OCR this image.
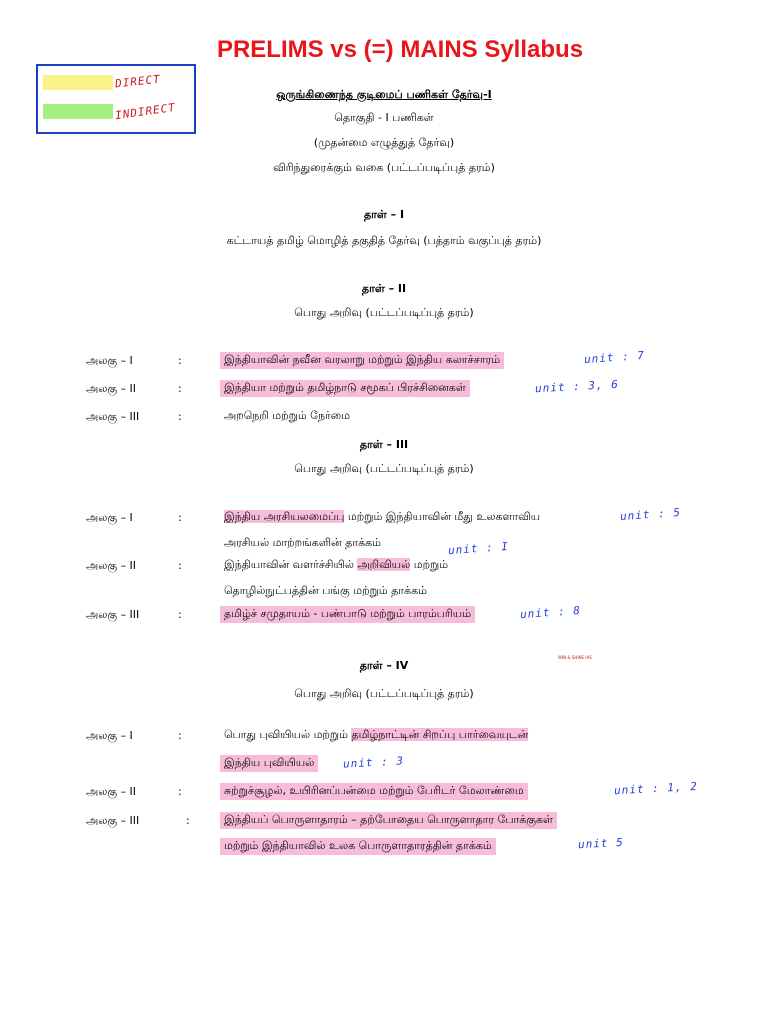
PRELIMS vs (=) MAINS Syllabus
DIRECT
INDIRECT
ஒருங்கிணைந்த குடிமைப் பணிகள் தேர்வு-I
தொகுதி - I பணிகள்
(முதன்மை எழுத்துத் தேர்வு)
விரிந்துரைக்கும் வகை (பட்டப்படிப்புத் தரம்)
தாள் – I
கட்டாயத் தமிழ் மொழித் தகுதித் தேர்வு (பத்தாம் வகுப்புத் தரம்)
தாள் – II
பொது அறிவு (பட்டப்படிப்புத் தரம்)
அலகு – I	:	இந்தியாவின் நவீன வரலாறு மற்றும் இந்திய கலாச்சாரம்	unit : 7
அலகு – II	:	இந்தியா மற்றும் தமிழ்நாடு சமூகப் பிரச்சினைகள்	unit : 3, 6
அலகு – III	:	அறநெறி மற்றும் நேர்மை
தாள் – III
பொது அறிவு (பட்டப்படிப்புத் தரம்)
அலகு – I	:	இந்திய அரசியலமைப்பு மற்றும் இந்தியாவின் மீது உலகளாவிய	unit : 5
அரசியல் மாற்றங்களின் தாக்கம்	unit : I
அலகு – II	:	இந்தியாவின் வளர்ச்சியில் அறிவியல் மற்றும்
தொழில்நுட்பத்தின் பங்கு மற்றும் தாக்கம்
அலகு – III	:	தமிழ்ச் சமுதாயம் - பண்பாடு மற்றும் பாரம்பரியம்	unit : 8
WIN & SHINE IAS
தாள் – IV
பொது அறிவு (பட்டப்படிப்புத் தரம்)
அலகு – I	:	பொது புவியியல் மற்றும் தமிழ்நாட்டின் சிறப்பு பார்வையுடன்
இந்திய புவியியல்	unit : 3
அலகு – II	:	சுற்றுச்சூழல், உயிரினப்பன்மை மற்றும் பேரிடர் மேலாண்மை	unit : 1, 2
அலகு – III	:	இந்தியப் பொருளாதாரம் – தற்போதைய பொருளாதார போக்குகள்
மற்றும் இந்தியாவில் உலக பொருளாதாரத்தின் தாக்கம்	unit 5
